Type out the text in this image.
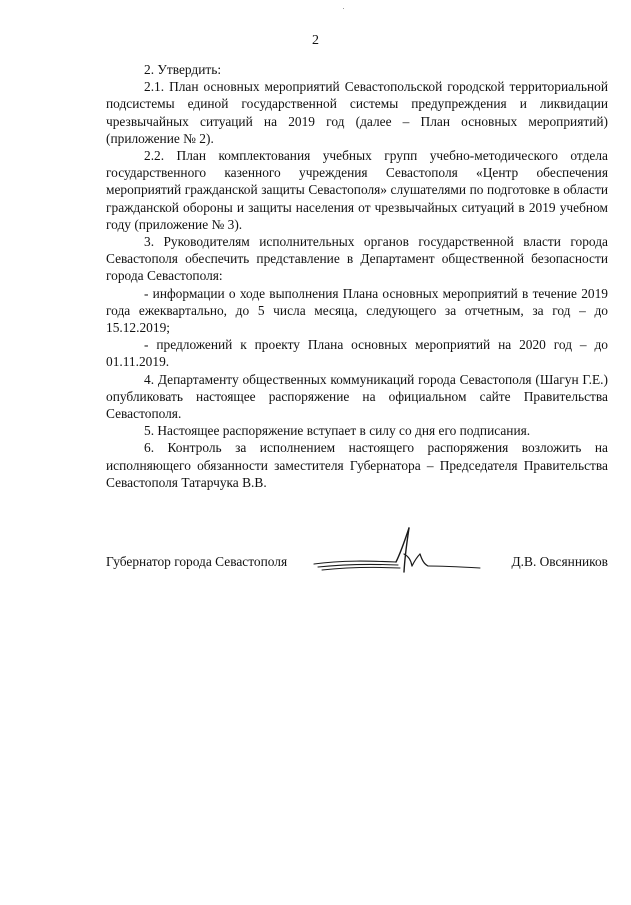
2

2. Утвердить:

2.1. План основных мероприятий Севастопольской городской территориальной подсистемы единой государственной системы предупреждения и ликвидации чрезвычайных ситуаций на 2019 год (далее – План основных мероприятий) (приложение № 2).

2.2. План комплектования учебных групп учебно-методического отдела государственного казенного учреждения Севастополя «Центр обеспечения мероприятий гражданской защиты Севастополя» слушателями по подготовке в области гражданской обороны и защиты населения от чрезвычайных ситуаций в 2019 учебном году (приложение № 3).

3. Руководителям исполнительных органов государственной власти города Севастополя обеспечить представление в Департамент общественной безопасности города Севастополя:

- информации о ходе выполнения Плана основных мероприятий в течение 2019 года ежеквартально, до 5 числа месяца, следующего за отчетным, за год – до 15.12.2019;

- предложений к проекту Плана основных мероприятий на 2020 год – до 01.11.2019.

4. Департаменту общественных коммуникаций города Севастополя (Шагун Г.Е.) опубликовать настоящее распоряжение на официальном сайте Правительства Севастополя.

5. Настоящее распоряжение вступает в силу со дня его подписания.

6. Контроль за исполнением настоящего распоряжения возложить на исполняющего обязанности заместителя Губернатора – Председателя Правительства Севастополя Татарчука В.В.

Губернатор города Севастополя	Д.В. Овсянников
